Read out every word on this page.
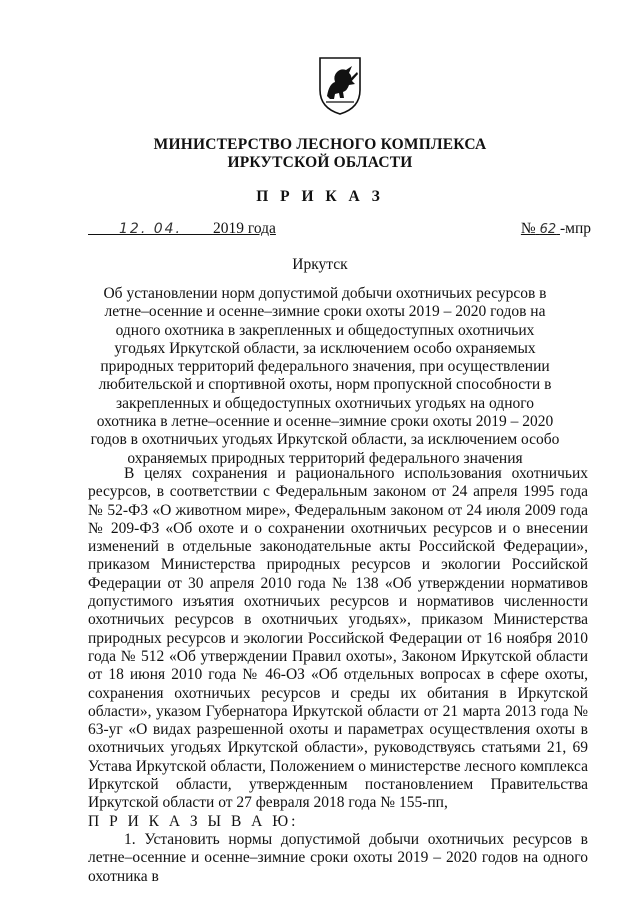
МИНИСТЕРСТВО ЛЕСНОГО КОМПЛЕКСА
ИРКУТСКОЙ ОБЛАСТИ
П Р И К А З
12. 04. 2019 года	№ 62 -мпр
Иркутск
Об установлении норм допустимой добычи охотничьих ресурсов в летне–осенние и осенне–зимние сроки охоты 2019 – 2020 годов на одного охотника в закрепленных и общедоступных охотничьих угодьях Иркутской области, за исключением особо охраняемых природных территорий федерального значения, при осуществлении любительской и спортивной охоты, норм пропускной способности в закрепленных и общедоступных охотничьих угодьях на одного охотника в летне–осенние и осенне–зимние сроки охоты 2019 – 2020 годов в охотничьих угодьях Иркутской области, за исключением особо охраняемых природных территорий федерального значения

В целях сохранения и рационального использования охотничьих ресурсов, в соответствии с Федеральным законом от 24 апреля 1995 года № 52-ФЗ «О животном мире», Федеральным законом от 24 июля 2009 года № 209-ФЗ «Об охоте и о сохранении охотничьих ресурсов и о внесении изменений в отдельные законодательные акты Российской Федерации», приказом Министерства природных ресурсов и экологии Российской Федерации от 30 апреля 2010 года № 138 «Об утверждении нормативов допустимого изъятия охотничьих ресурсов и нормативов численности охотничьих ресурсов в охотничьих угодьях», приказом Министерства природных ресурсов и экологии Российской Федерации от 16 ноября 2010 года № 512 «Об утверждении Правил охоты», Законом Иркутской области от 18 июня 2010 года № 46-ОЗ «Об отдельных вопросах в сфере охоты, сохранения охотничьих ресурсов и среды их обитания в Иркутской области», указом Губернатора Иркутской области от 21 марта 2013 года № 63-уг «О видах разрешенной охоты и параметрах осуществления охоты в охотничьих угодьях Иркутской области», руководствуясь статьями 21, 69 Устава Иркутской области, Положением о министерстве лесного комплекса Иркутской области, утвержденным постановлением Правительства Иркутской области от 27 февраля 2018 года № 155-пп,

П Р И К А З Ы В А Ю:

1. Установить нормы допустимой добычи охотничьих ресурсов в летне–осенние и осенне–зимние сроки охоты 2019 – 2020 годов на одного охотника в
